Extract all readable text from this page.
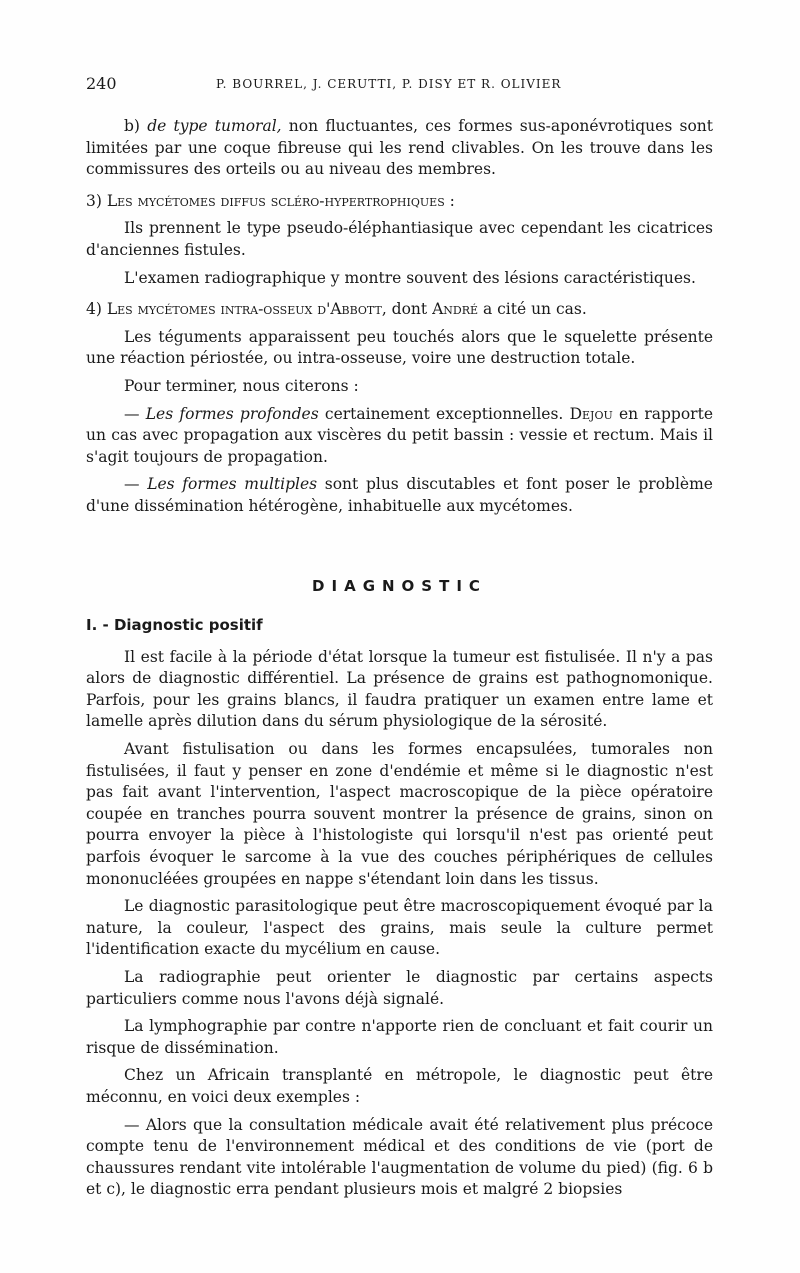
240	P. BOURREL, J. CERUTTI, P. DISY ET R. OLIVIER

b) de type tumoral, non fluctuantes, ces formes sus-aponévrotiques sont limitées par une coque fibreuse qui les rend clivables. On les trouve dans les commissures des orteils ou au niveau des membres.

3) Les mycétomes diffus scléro-hypertrophiques :

Ils prennent le type pseudo-éléphantiasique avec cependant les cicatrices d'anciennes fistules.

L'examen radiographique y montre souvent des lésions caractéristiques.

4) Les mycétomes intra-osseux d'Abbott, dont André a cité un cas.

Les téguments apparaissent peu touchés alors que le squelette présente une réaction périostée, ou intra-osseuse, voire une destruction totale.

Pour terminer, nous citerons :

— Les formes profondes certainement exceptionnelles. Dejou en rapporte un cas avec propagation aux viscères du petit bassin : vessie et rectum. Mais il s'agit toujours de propagation.

— Les formes multiples sont plus discutables et font poser le problème d'une dissémination hétérogène, inhabituelle aux mycétomes.

DIAGNOSTIC
I. - Diagnostic positif

Il est facile à la période d'état lorsque la tumeur est fistulisée. Il n'y a pas alors de diagnostic différentiel. La présence de grains est pathognomonique. Parfois, pour les grains blancs, il faudra pratiquer un examen entre lame et lamelle après dilution dans du sérum physiologique de la sérosité.

Avant fistulisation ou dans les formes encapsulées, tumorales non fistulisées, il faut y penser en zone d'endémie et même si le diagnostic n'est pas fait avant l'intervention, l'aspect macroscopique de la pièce opératoire coupée en tranches pourra souvent montrer la présence de grains, sinon on pourra envoyer la pièce à l'histologiste qui lorsqu'il n'est pas orienté peut parfois évoquer le sarcome à la vue des couches périphériques de cellules mononucléées groupées en nappe s'étendant loin dans les tissus.

Le diagnostic parasitologique peut être macroscopiquement évoqué par la nature, la couleur, l'aspect des grains, mais seule la culture permet l'identification exacte du mycélium en cause.

La radiographie peut orienter le diagnostic par certains aspects particuliers comme nous l'avons déjà signalé.

La lymphographie par contre n'apporte rien de concluant et fait courir un risque de dissémination.

Chez un Africain transplanté en métropole, le diagnostic peut être méconnu, en voici deux exemples :

— Alors que la consultation médicale avait été relativement plus précoce compte tenu de l'environnement médical et des conditions de vie (port de chaussures rendant vite intolérable l'augmentation de volume du pied) (fig. 6 b et c), le diagnostic erra pendant plusieurs mois et malgré 2 biopsies
